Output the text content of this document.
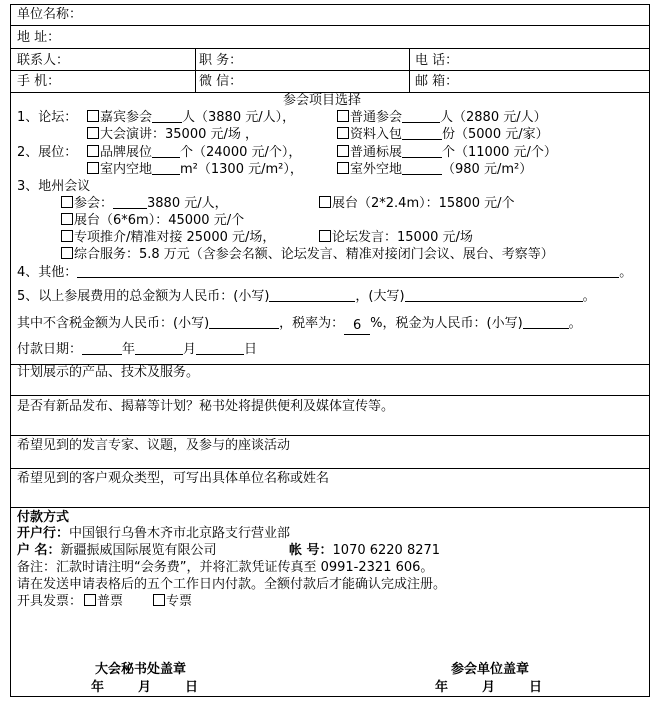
单位名称：
地 址：
联系人：	职 务：	电 话：
手 机：	微 信：	邮 箱：
参会项目选择
1、论坛：	嘉宾参会 人（3880 元/人），	普通参会	人（2880 元/人）
大会演讲：35000 元/场 ，	资料入包	份（5000 元/家）
2、展位：	品牌展位 个（24000 元/个），	普通标展	个（11000 元/个）
室内空地 m²（1300 元/m²），	室外空地	（980 元/m²）
3、地州会议
参会：	3880 元/人，	展台（2*2.4m）：15800 元/个
展台（6*6m）：45000 元/个
专项推介/精准对接 25000 元/场，	论坛发言：15000 元/场
综合服务：5.8 万元（含参会名额、论坛发言、精准对接闭门会议、展台、考察等）
4、其他：	。
5、以上参展费用的总金额为人民币：(小写)	，(大写)	。
其中不含税金额为人民币：(小写)	，税率为： 6 %，税金为人民币：(小写)	。
付款日期：	年	月	日
计划展示的产品、技术及服务。
是否有新品发布、揭幕等计划？秘书处将提供便利及媒体宣传等。
希望见到的发言专家、议题，及参与的座谈活动
希望见到的客户观众类型，可写出具体单位名称或姓名
付款方式
开户行：中国银行乌鲁木齐市北京路支行营业部
户 名：新疆振威国际展览有限公司	帐 号：1070 6220 8271
备注：汇款时请注明“会务费”，并将汇款凭证传真至 0991-2321 606。
请在发送申请表格后的五个工作日内付款。全额付款后才能确认完成注册。
开具发票： 普票	专票
大会秘书处盖章
年	月	日
参会单位盖章
年	月	日
